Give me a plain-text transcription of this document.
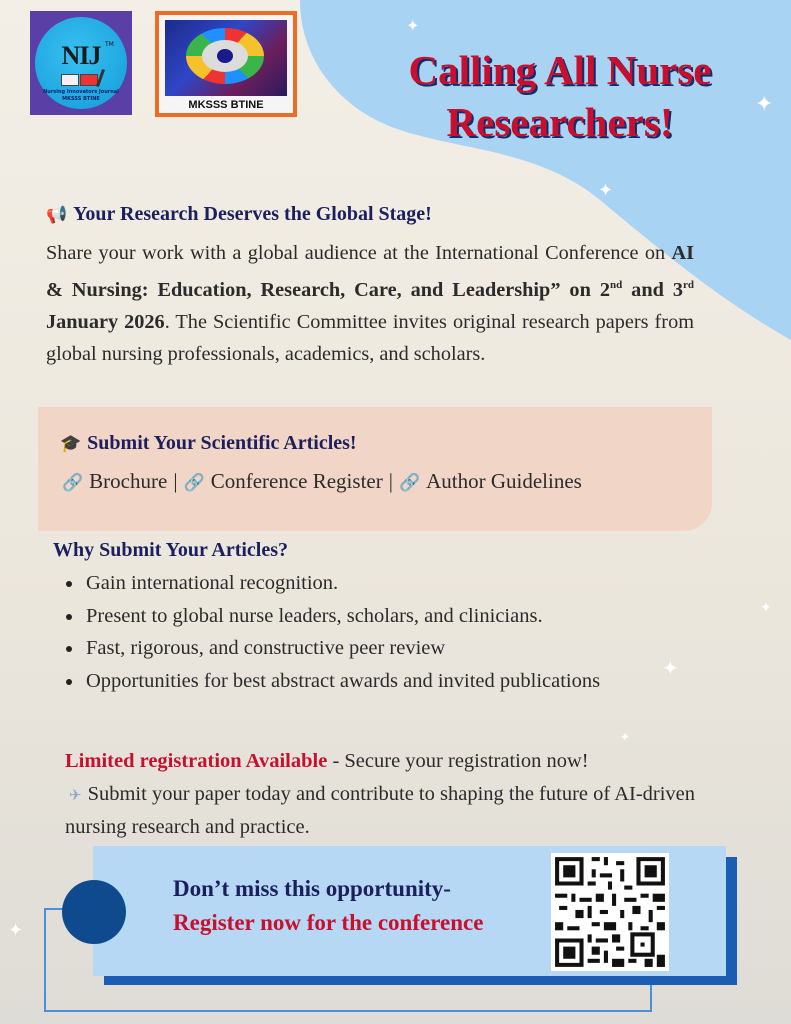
✦
✦
✦
✦
✦
✦
✦
NIJ TM
Nursing Innovators Journal
MKSSS BTINE	MKSSS BTINE
Calling All Nurse Researchers!
📢 Your Research Deserves the Global Stage!
Share your work with a global audience at the International Conference on AI & Nursing: Education, Research, Care, and Leadership” on 2nd and 3rd January 2026. The Scientific Committee invites original research papers from global nursing professionals, academics, and scholars.
🎓 Submit Your Scientific Articles!
🔗 Brochure | 🔗 Conference Register | 🔗 Author Guidelines
Why Submit Your Articles?
Gain international recognition.
Present to global nurse leaders, scholars, and clinicians.
Fast, rigorous, and constructive peer review
Opportunities for best abstract awards and invited publications
Limited registration Available - Secure your registration now!
✈ Submit your paper today and contribute to shaping the future of AI-driven nursing research and practice.
Don’t miss this opportunity-
Register now for the conference
